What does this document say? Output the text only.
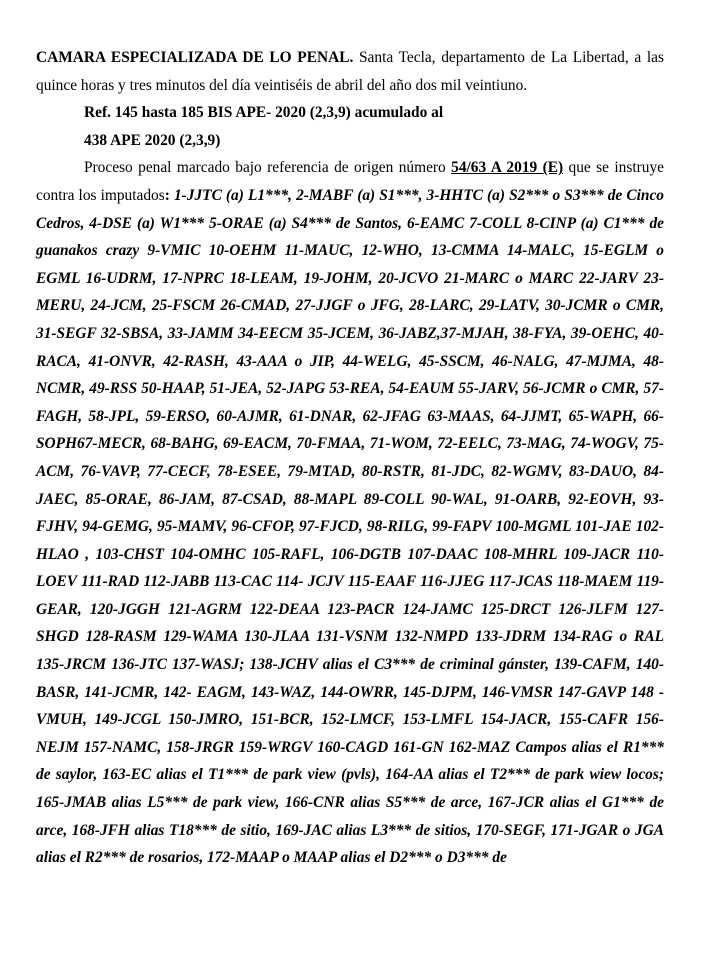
CAMARA ESPECIALIZADA DE LO PENAL. Santa Tecla, departamento de La Libertad, a las quince horas y tres minutos del día veintiséis de abril del año dos mil veintiuno.

Ref. 145 hasta 185 BIS APE- 2020 (2,3,9) acumulado al

438 APE 2020 (2,3,9)

Proceso penal marcado bajo referencia de origen número 54/63 A 2019 (E) que se instruye contra los imputados: 1-JJTC (a) L1***, 2-MABF (a) S1***, 3-HHTC (a) S2*** o S3*** de Cinco Cedros, 4-DSE (a) W1*** 5-ORAE (a) S4*** de Santos, 6-EAMC 7-COLL 8-CINP (a) C1*** de guanakos crazy 9-VMIC 10-OEHM 11-MAUC, 12-WHO, 13-CMMA 14-MALC, 15-EGLM o EGML 16-UDRM, 17-NPRC 18-LEAM, 19-JOHM, 20-JCVO 21-MARC o MARC 22-JARV 23-MERU, 24-JCM, 25-FSCM 26-CMAD, 27-JJGF o JFG, 28-LARC, 29-LATV, 30-JCMR o CMR, 31-SEGF 32-SBSA, 33-JAMM 34-EECM 35-JCEM, 36-JABZ,37-MJAH, 38-FYA, 39-OEHC, 40-RACA, 41-ONVR, 42-RASH, 43-AAA o JIP, 44-WELG, 45-SSCM, 46-NALG, 47-MJMA, 48-NCMR, 49-RSS 50-HAAP, 51-JEA, 52-JAPG 53-REA, 54-EAUM 55-JARV, 56-JCMR o CMR, 57-FAGH, 58-JPL, 59-ERSO, 60-AJMR, 61-DNAR, 62-JFAG 63-MAAS, 64-JJMT, 65-WAPH, 66-SOPH67-MECR, 68-BAHG, 69-EACM, 70-FMAA, 71-WOM, 72-EELC, 73-MAG, 74-WOGV, 75-ACM, 76-VAVP, 77-CECF, 78-ESEE, 79-MTAD, 80-RSTR, 81-JDC, 82-WGMV, 83-DAUO, 84-JAEC, 85-ORAE, 86-JAM, 87-CSAD, 88-MAPL 89-COLL 90-WAL, 91-OARB, 92-EOVH, 93-FJHV, 94-GEMG, 95-MAMV, 96-CFOP, 97-FJCD, 98-RILG, 99-FAPV 100-MGML 101-JAE 102-HLAO , 103-CHST 104-OMHC 105-RAFL, 106-DGTB 107-DAAC 108-MHRL 109-JACR 110-LOEV 111-RAD 112-JABB 113-CAC 114- JCJV 115-EAAF 116-JJEG 117-JCAS 118-MAEM 119-GEAR, 120-JGGH 121-AGRM 122-DEAA 123-PACR 124-JAMC 125-DRCT 126-JLFM 127-SHGD 128-RASM 129-WAMA 130-JLAA 131-VSNM 132-NMPD 133-JDRM 134-RAG o RAL 135-JRCM 136-JTC 137-WASJ; 138-JCHV alias el C3*** de criminal gánster, 139-CAFM, 140-BASR, 141-JCMR, 142- EAGM, 143-WAZ, 144-OWRR, 145-DJPM, 146-VMSR 147-GAVP 148 -VMUH, 149-JCGL 150-JMRO, 151-BCR, 152-LMCF, 153-LMFL 154-JACR, 155-CAFR 156-NEJM 157-NAMC, 158-JRGR 159-WRGV 160-CAGD 161-GN 162-MAZ Campos alias el R1*** de saylor, 163-EC alias el T1*** de park view (pvls), 164-AA alias el T2*** de park wiew locos; 165-JMAB alias L5*** de park view, 166-CNR alias S5*** de arce, 167-JCR alias el G1*** de arce, 168-JFH alias T18*** de sitio, 169-JAC alias L3*** de sitios, 170-SEGF, 171-JGAR o JGA alias el R2*** de rosarios, 172-MAAP o MAAP alias el D2*** o D3*** de
